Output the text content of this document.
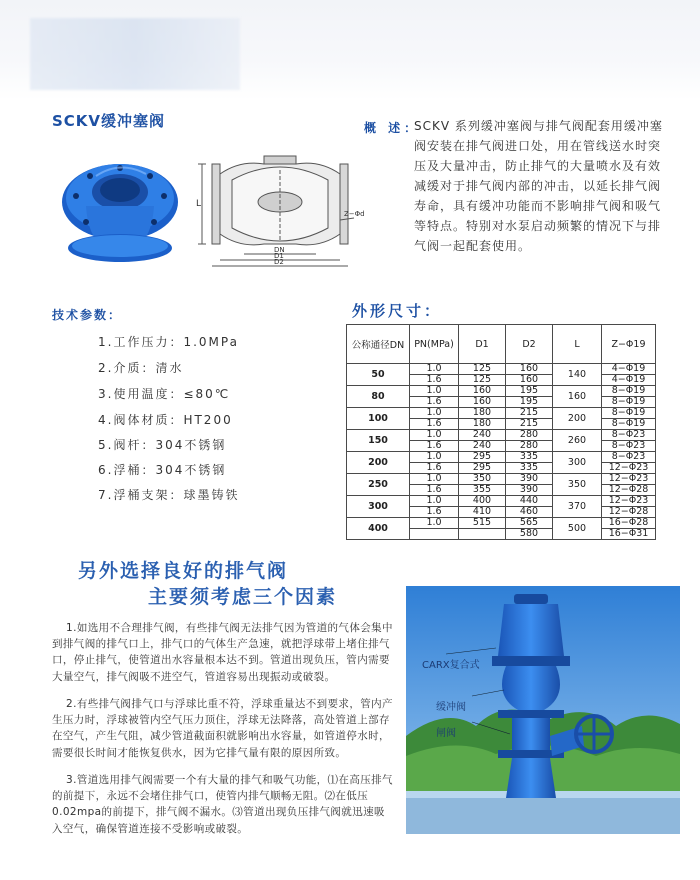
SCKV缓冲塞阀
L
Z−Φd
DN
D1
D2
概 述：
SCKV 系列缓冲塞阀与排气阀配套用缓冲塞阀安装在排气阀进口处，用在管线送水时突压及大量冲击，防止排气的大量喷水及有效减缓对于排气阀内部的冲击，以延长排气阀寿命，具有缓冲功能而不影响排气阀和吸气等特点。特别对水泵启动频繁的情况下与排气阀一起配套使用。
技术参数：
1.工作压力：1.0MPa
2.介质：清水
3.使用温度：≤80℃
4.阀体材质：HT200
5.阀杆：304不锈钢
6.浮桶：304不锈钢
7.浮桶支架：球墨铸铁
外形尺寸：
公称通径DN	PN(MPa)	D1	D2	L	Z−Φ19
50	1.0	125	160	140	4−Φ19
	1.6	125	160		4−Φ19
80	1.0	160	195	160	8−Φ19
	1.6	160	195		8−Φ19
100	1.0	180	215	200	8−Φ19
	1.6	180	215		8−Φ19
150	1.0	240	280	260	8−Φ23
	1.6	240	280		8−Φ23
200	1.0	295	335	300	8−Φ23
	1.6	295	335		12−Φ23
250	1.0	350	390	350	12−Φ23
	1.6	355	390		12−Φ28
300	1.0	400	440	370	12−Φ23
	1.6	410	460		12−Φ28
400	1.0	515	565	500	16−Φ28
			580		16−Φ31
另外选择良好的排气阀
主要须考虑三个因素
1.如选用不合理排气阀，有些排气阀无法排气因为管道的气体会集中到排气阀的排气口上，排气口的气体生产急速，就把浮球带上堵住排气口，停止排气，使管道出水容量根本达不到。管道出现负压，管内需要大量空气，排气阀吸不进空气，管道容易出现振动或破裂。
2.有些排气阀排气口与浮球比重不符，浮球重量达不到要求，管内产生压力时，浮球被管内空气压力顶住，浮球无法降落，高处管道上部存在空气，产生气阻，减少管道截面积就影响出水容量，如管道停水时，需要很长时间才能恢复供水，因为它排气量有限的原因所致。
3.管道选用排气阀需要一个有大量的排气和吸气功能，⑴在高压排气的前提下，永远不会堵住排气口，使管内排气顺畅无阻。⑵在低压0.02mpa的前提下，排气阀不漏水。⑶管道出现负压排气阀就迅速吸入空气，确保管道连接不受影响或破裂。
CARX复合式
缓冲阀
闸阀
